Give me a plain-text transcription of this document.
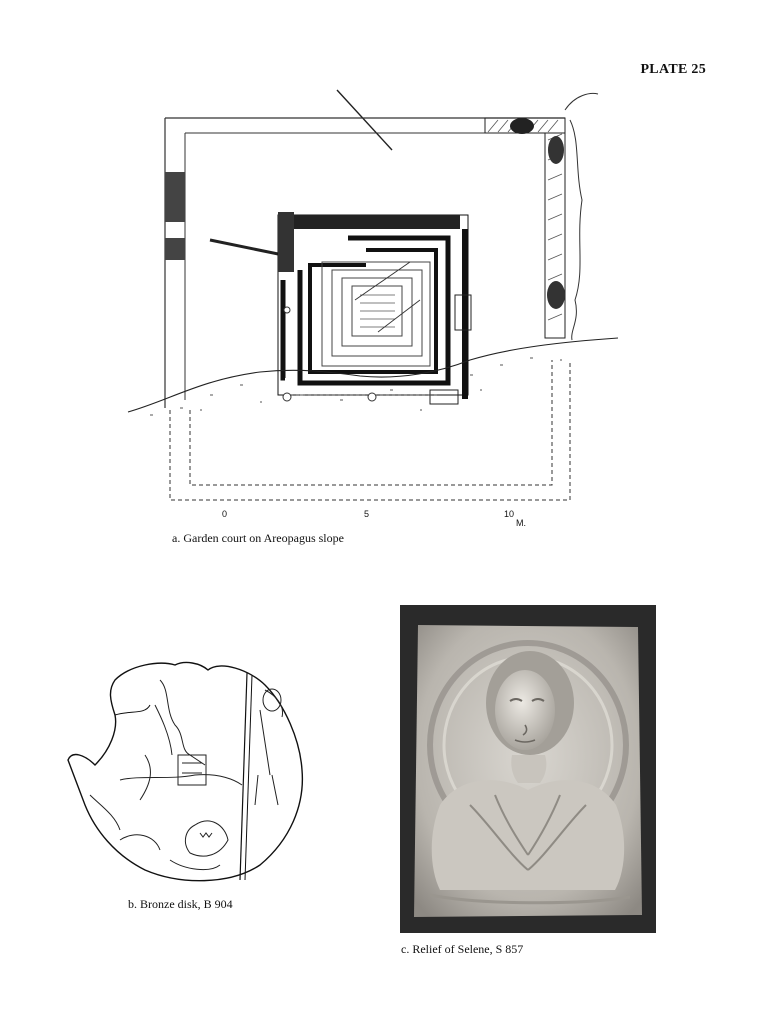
PLATE 25
0	5	10
M.
a. Garden court on Areopagus slope
b. Bronze disk, B 904
c. Relief of Selene, S 857
